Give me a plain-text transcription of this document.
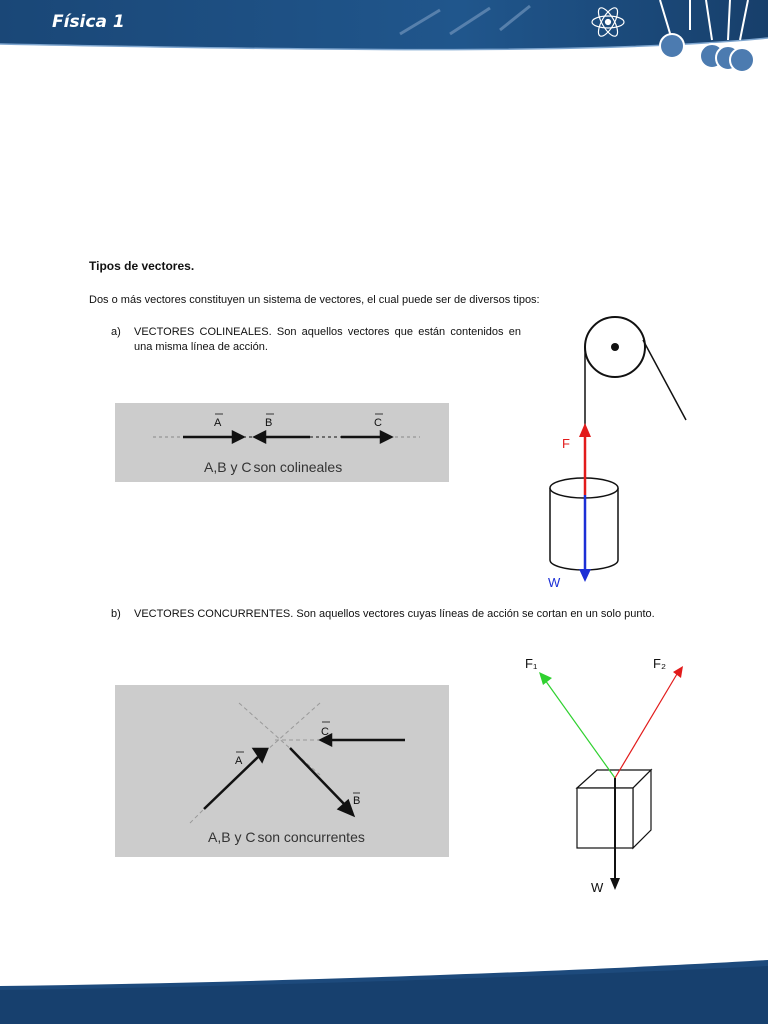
Física 1
Tipos de vectores.
Dos o más vectores constituyen un sistema de vectores, el cual puede ser de diversos tipos:
a) VECTORES COLINEALES. Son aquellos vectores que están contenidos en una misma línea de acción.
A	B	C
A,B y C son colineales
F
W
b) VECTORES CONCURRENTES. Son aquellos vectores cuyas líneas de acción se cortan en un solo punto.
A
B
C
A,B y C son concurrentes
F₁	F₂
W
